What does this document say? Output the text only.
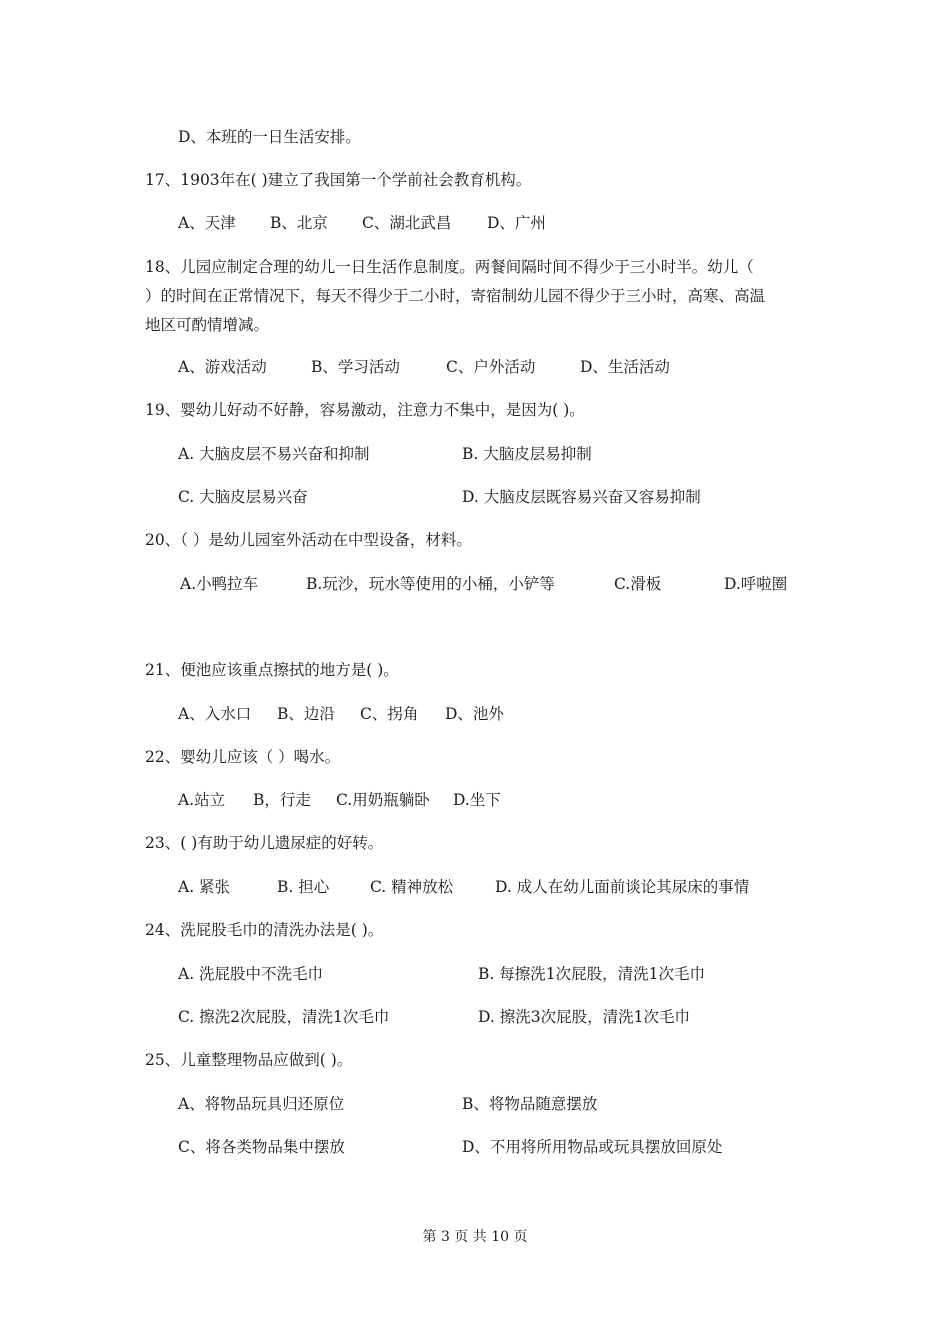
D、本班的一日生活安排。
17、1903年在( )建立了我国第一个学前社会教育机构。
A、天津 B、北京 C、湖北武昌 D、广州
18、儿园应制定合理的幼儿一日生活作息制度。两餐间隔时间不得少于三小时半。幼儿（
）的时间在正常情况下，每天不得少于二小时，寄宿制幼儿园不得少于三小时，高寒、高温
地区可酌情增减。
A、游戏活动	B、学习活动	C、户外活动	D、生活活动
19、婴幼儿好动不好静，容易激动，注意力不集中，是因为( )。
A. 大脑皮层不易兴奋和抑制	B. 大脑皮层易抑制
C. 大脑皮层易兴奋	D. 大脑皮层既容易兴奋又容易抑制
20、（ ）是幼儿园室外活动在中型设备，材料。
A.小鸭拉车	B.玩沙，玩水等使用的小桶，小铲等	C.滑板	D.呼啦圈
21、便池应该重点擦拭的地方是( )。
A、入水口 B、边沿 C、拐角 D、池外
22、婴幼儿应该（ ）喝水。
A.站立 B，行走 C.用奶瓶躺卧 D.坐下
23、( )有助于幼儿遗尿症的好转。
A. 紧张	B. 担心	C. 精神放松	D. 成人在幼儿面前谈论其尿床的事情
24、洗屁股毛巾的清洗办法是( )。
A. 洗屁股中不洗毛巾	B. 每擦洗1次屁股，清洗1次毛巾
C. 擦洗2次屁股，清洗1次毛巾	D. 擦洗3次屁股，清洗1次毛巾
25、儿童整理物品应做到( )。
A、将物品玩具归还原位	B、将物品随意摆放
C、将各类物品集中摆放	D、不用将所用物品或玩具摆放回原处
第 3 页 共 10 页
